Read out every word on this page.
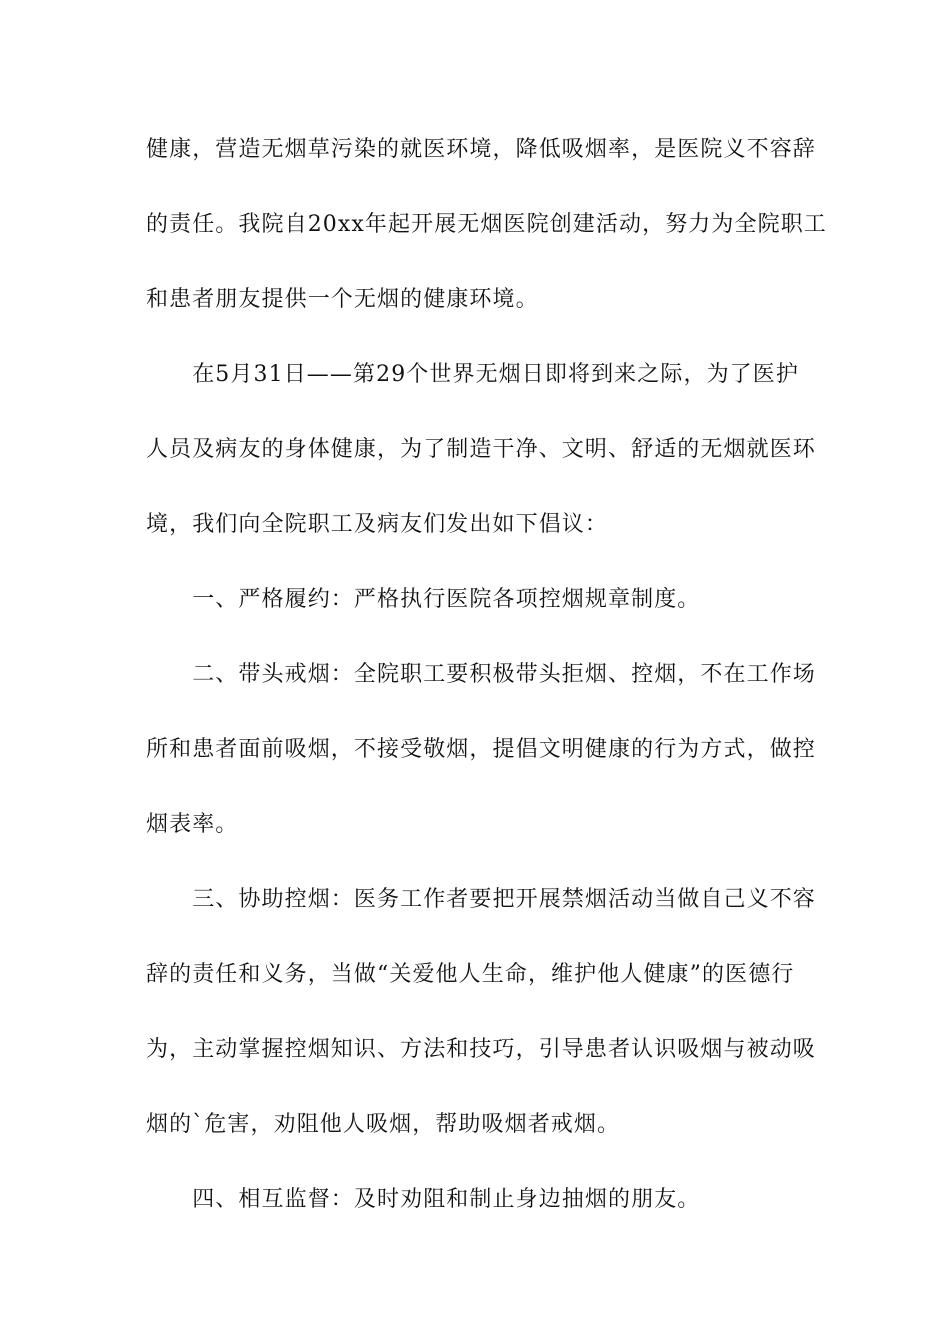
健康，营造无烟草污染的就医环境，降低吸烟率，是医院义不容辞
的责任。我院自20xx年起开展无烟医院创建活动，努力为全院职工
和患者朋友提供一个无烟的健康环境。
　　在5月31日——第29个世界无烟日即将到来之际，为了医护
人员及病友的身体健康，为了制造干净、文明、舒适的无烟就医环
境，我们向全院职工及病友们发出如下倡议：
　　一、严格履约：严格执行医院各项控烟规章制度。
　　二、带头戒烟：全院职工要积极带头拒烟、控烟，不在工作场
所和患者面前吸烟，不接受敬烟，提倡文明健康的行为方式，做控
烟表率。
　　三、协助控烟：医务工作者要把开展禁烟活动当做自己义不容
辞的责任和义务，当做“关爱他人生命，维护他人健康”的医德行
为，主动掌握控烟知识、方法和技巧，引导患者认识吸烟与被动吸
烟的`危害，劝阻他人吸烟，帮助吸烟者戒烟。
　　四、相互监督：及时劝阻和制止身边抽烟的朋友。
